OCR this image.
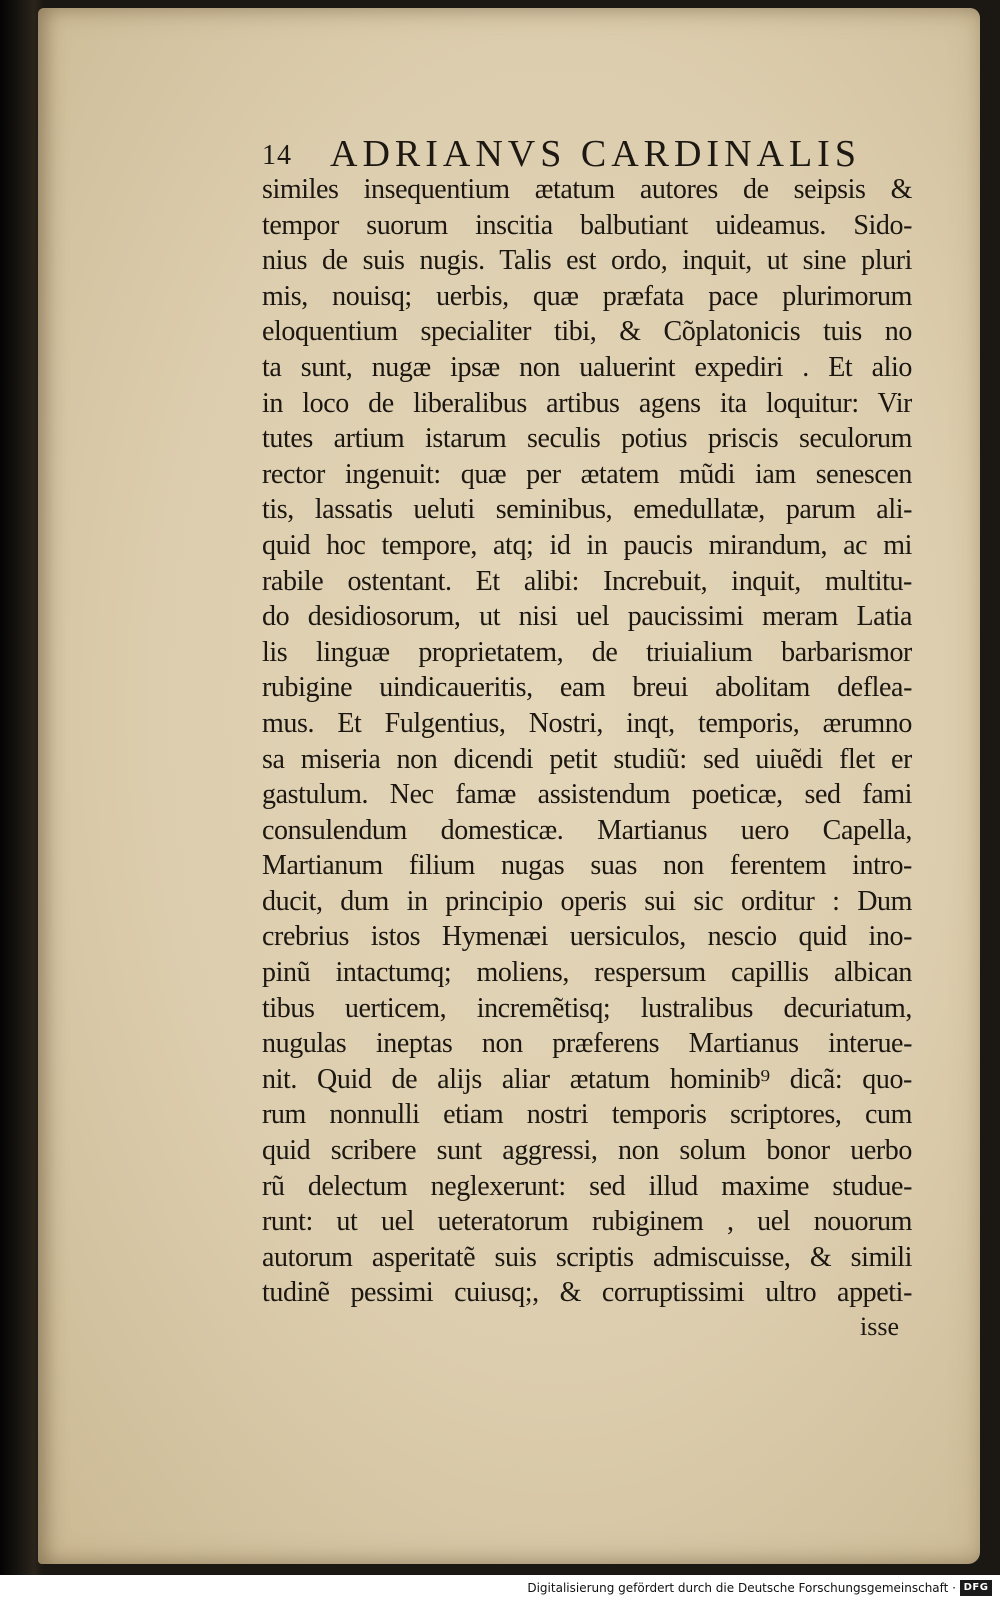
14 ADRIANVS CARDINALIS
similes insequentium ætatum autores de seipsis &
tempor suorum inscitia balbutiant uideamus. Sido-
nius de suis nugis. Talis est ordo, inquit, ut sine pluri
mis, nouisq; uerbis, quæ præfata pace plurimorum
eloquentium specialiter tibi, & Cõplatonicis tuis no
ta sunt, nugæ ipsæ non ualuerint expediri . Et alio
in loco de liberalibus artibus agens ita loquitur: Vir
tutes artium istarum seculis potius priscis seculorum
rector ingenuit: quæ per ætatem mũdi iam senescen
tis, lassatis ueluti seminibus, emedullatæ, parum ali-
quid hoc tempore, atq; id in paucis mirandum, ac mi
rabile ostentant. Et alibi: Increbuit, inquit, multitu-
do desidiosorum, ut nisi uel paucissimi meram Latia
lis linguæ proprietatem, de triuialium barbarismor
rubigine uindicaueritis, eam breui abolitam deflea-
mus. Et Fulgentius, Nostri, inqt, temporis, ærumno
sa miseria non dicendi petit studiũ: sed uiuẽdi flet er
gastulum. Nec famæ assistendum poeticæ, sed fami
consulendum domesticæ. Martianus uero Capella,
Martianum filium nugas suas non ferentem intro-
ducit, dum in principio operis sui sic orditur : Dum
crebrius istos Hymenæi uersiculos, nescio quid ino-
pinũ intactumq; moliens, respersum capillis albican
tibus uerticem, incremẽtisq; lustralibus decuriatum,
nugulas ineptas non præferens Martianus interue-
nit. Quid de alijs aliar ætatum hominib⁹ dicã: quo-
rum nonnulli etiam nostri temporis scriptores, cum
quid scribere sunt aggressi, non solum bonor uerbo
rũ delectum neglexerunt: sed illud maxime studue-
runt: ut uel ueteratorum rubiginem , uel nouorum
autorum asperitatẽ suis scriptis admiscuisse, & simili
tudinẽ pessimi cuiusq;, & corruptissimi ultro appeti-
isse
Digitalisierung gefördert durch die Deutsche Forschungsgemeinschaft · DFG
